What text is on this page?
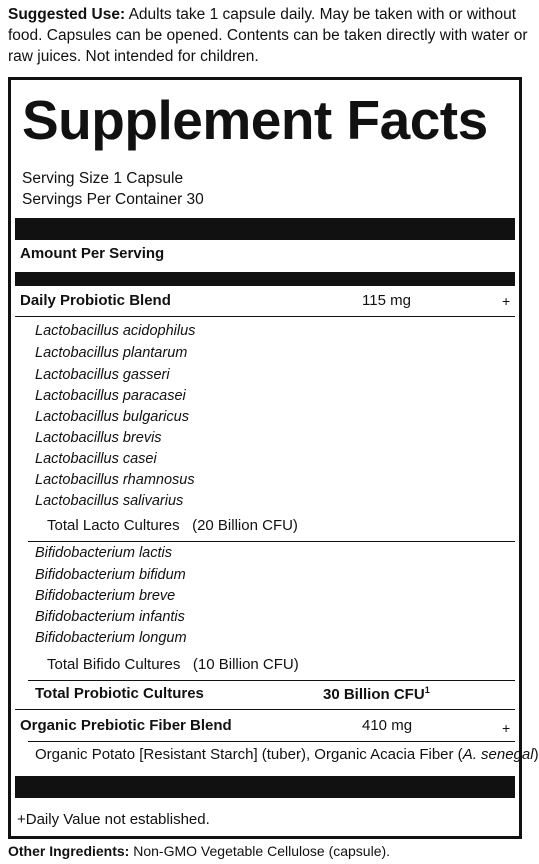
Suggested Use: Adults take 1 capsule daily. May be taken with or without food. Capsules can be opened. Contents can be taken directly with water or raw juices. Not intended for children.
Supplement Facts
Serving Size 1 Capsule
Servings Per Container 30
Amount Per Serving
Daily Probiotic Blend	115 mg	+
Lactobacillus acidophilus
Lactobacillus plantarum
Lactobacillus gasseri
Lactobacillus paracasei
Lactobacillus bulgaricus
Lactobacillus brevis
Lactobacillus casei
Lactobacillus rhamnosus
Lactobacillus salivarius
Total Lacto Cultures   (20 Billion CFU)
Bifidobacterium lactis
Bifidobacterium bifidum
Bifidobacterium breve
Bifidobacterium infantis
Bifidobacterium longum
Total Bifido Cultures   (10 Billion CFU)
Total Probiotic Cultures	30 Billion CFU$^1$
Organic Prebiotic Fiber Blend	410 mg	+
Organic Potato [Resistant Starch] (tuber), Organic Acacia Fiber (A. senegal)
+Daily Value not established.
Other Ingredients: Non-GMO Vegetable Cellulose (capsule).
